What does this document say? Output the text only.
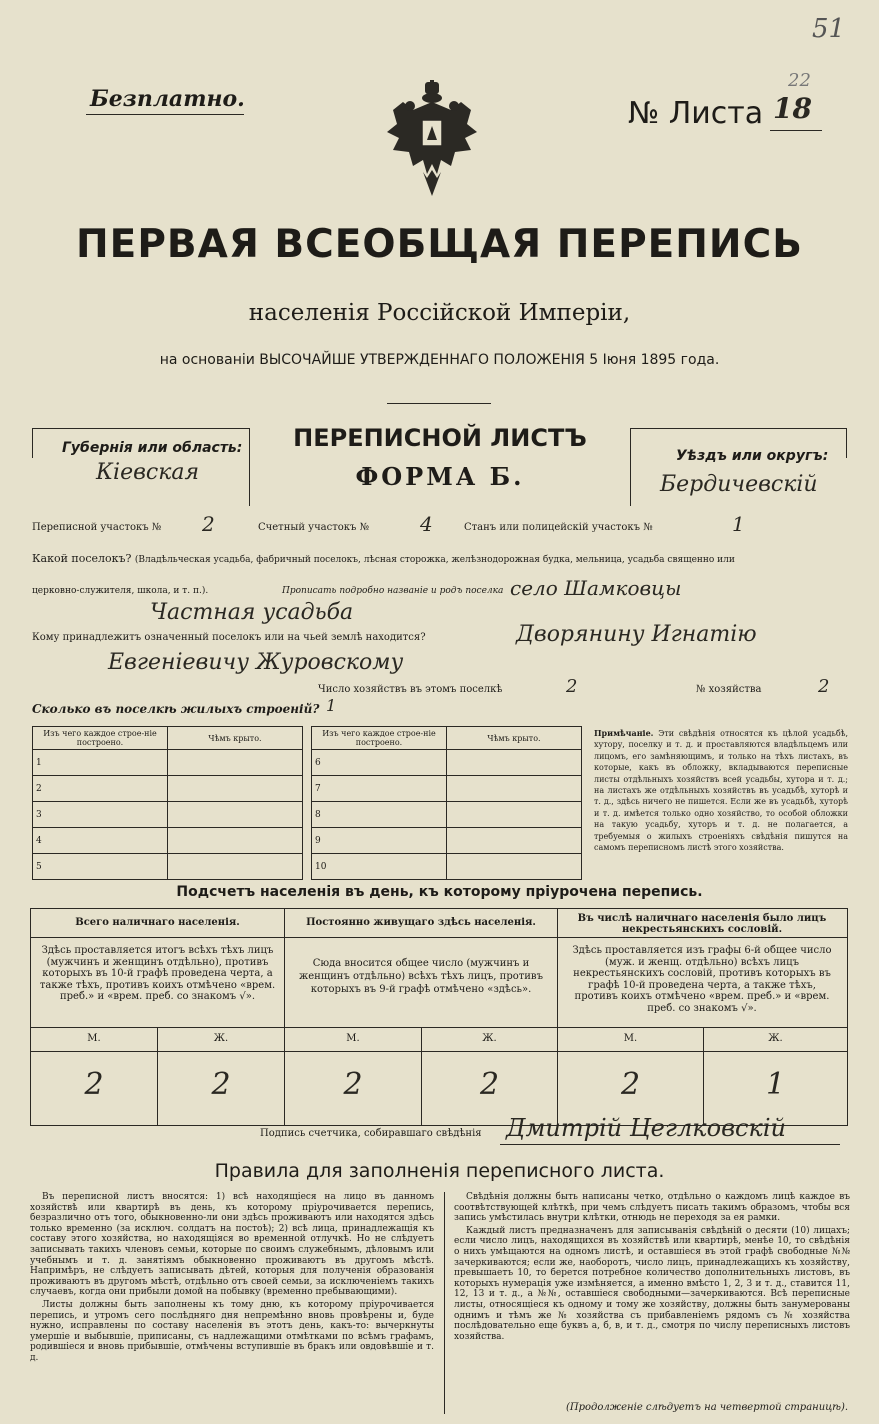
51
Безплатно.	№ Листа 18
22
ПЕРВАЯ ВСЕОБЩАЯ ПЕРЕПИСЬ
населенія Россійской Имперіи,
на основаніи ВЫСОЧАЙШЕ УТВЕРЖДЕННАГО ПОЛОЖЕНІЯ 5 Іюня 1895 года.
Губернія или область:
Кіевская
ПЕРЕПИСНОЙ ЛИСТЪ
ФОРМА Б.
Уѣздъ или округъ:
Бердичевскій
Переписной участокъ № 2	Счетный участокъ №	4	Станъ или полицейскій участокъ №	1
Какой поселокъ? (Владѣльческая усадьба, фабричный поселокъ, лѣсная сторожка, желѣзнодорожная будка, мельница, усадьба священно или
церковно-служителя, школа, и т. п.).	Прописать подробно названіе и родъ поселка село Шамковцы
Частная усадьба
Кому принадлежитъ означенный поселокъ или на чьей землѣ находится?	Дворянину Игнатію
Евгеніевичу Журовскому
Число хозяйствъ въ этомъ поселкѣ	2	№ хозяйства	2
Сколько въ поселкѣ жилыхъ строеній? 1
Изъ чего каждое строе-ніе построено.	Чѣмъ крыто.		Изъ чего каждое строе-ніе построено.	Чѣмъ крыто.
1			6	
2			7	
3			8	
4			9	
5			10	
Примѣчаніе. Эти свѣдѣнія относятся къ цѣлой усадьбѣ, хутору, поселку и т. д. и проставляются владѣльцемъ или лицомъ, его замѣняющимъ, и только на тѣхъ листахъ, въ которые, какъ въ обложку, вкладываются переписные листы отдѣльныхъ хозяйствъ всей усадьбы, хутора и т. д.; на листахъ же отдѣльныхъ хозяйствъ въ усадьбѣ, хуторѣ и т. д., здѣсь ничего не пишется. Если же въ усадьбѣ, хуторѣ и т. д. имѣется только одно хозяйство, то особой обложки на такую усадьбу, хуторъ и т. д. не полагается, а требуемыя о жилыхъ строеніяхъ свѣдѣнія пишутся на самомъ переписномъ листѣ этого хозяйства.
Подсчетъ населенія въ день, къ которому пріурочена перепись.
Всего наличнаго населенія.	Постоянно живущаго здѣсь населенія.	Въ числѣ наличнаго населенія было лицъ некрестьянскихъ сословій.
Здѣсь проставляется итогъ всѣхъ тѣхъ лицъ (мужчинъ и женщинъ отдѣльно), противъ которыхъ въ 10-й графѣ проведена черта, а также тѣхъ, противъ коихъ отмѣчено «врем. преб.» и «врем. преб. со знакомъ √».
Сюда вносится общее число (мужчинъ и женщинъ отдѣльно) всѣхъ тѣхъ лицъ, противъ которыхъ въ 9-й графѣ отмѣчено «здѣсь».
Здѣсь проставляется изъ графы 6-й общее число (муж. и женщ. отдѣльно) всѣхъ лицъ некрестьянскихъ сословій, противъ которыхъ въ графѣ 10-й проведена черта, а также тѣхъ, противъ коихъ отмѣчено «врем. преб.» и «врем. преб. со знакомъ √».
М.	Ж.	М.	Ж.	М.	Ж.
2	2	2	2	2	1
Подпись счетчика, собиравшаго свѣдѣнія Дмитрій Цеглковскій
Правила для заполненія переписного листа.
Въ переписной листъ вносятся: 1) всѣ находящіеся на лицо въ данномъ хозяйствѣ или квартирѣ въ день, къ которому пріурочивается перепись, безразлично отъ того, обыкновенно-ли они здѣсь проживаютъ или находятся здѣсь только временно (за исключ. солдатъ на постоѣ); 2) всѣ лица, принадлежащія къ составу этого хозяйства, но находящіяся во временной отлучкѣ. Но не слѣдуетъ записывать такихъ членовъ семьи, которые по своимъ служебнымъ, дѣловымъ или учебнымъ и т. д. занятіямъ обыкновенно проживаютъ въ другомъ мѣстѣ. Напримѣръ, не слѣдуетъ записывать дѣтей, которыя для полученія образованія проживаютъ въ другомъ мѣстѣ, отдѣльно отъ своей семьи, за исключеніемъ такихъ случаевъ, когда они прибыли домой на побывку (временно пребывающими).
Листы должны быть заполнены къ тому дню, къ которому пріурочивается перепись, и утромъ сего послѣдняго дня непремѣнно вновь провѣрены и, буде нужно, исправлены по составу населенія въ этотъ день, какъ-то: вычеркнуты умершіе и выбывшіе, приписаны, съ надлежащими отмѣтками по всѣмъ графамъ, родившіеся и вновь прибывшіе, отмѣчены вступившіе въ бракъ или овдовѣвшіе и т. д.
Свѣдѣнія должны быть написаны четко, отдѣльно о каждомъ лицѣ каждое въ соотвѣтствующей клѣткѣ, при чемъ слѣдуетъ писать такимъ образомъ, чтобы вся запись умѣстилась внутри клѣтки, отнюдь не переходя за ея рамки.
Каждый листъ предназначенъ для записыванія свѣдѣній о десяти (10) лицахъ; если число лицъ, находящихся въ хозяйствѣ или квартирѣ, менѣе 10, то свѣдѣнія о нихъ умѣщаются на одномъ листѣ, и оставшіеся въ этой графѣ свободные №№ зачеркиваются; если же, наоборотъ, число лицъ, принадлежащихъ къ хозяйству, превышаетъ 10, то берется потребное количество дополнительныхъ листовъ, въ которыхъ нумерація уже измѣняется, а именно вмѣсто 1, 2, 3 и т. д., ставится 11, 12, 13 и т. д., а №№, оставшіеся свободными—зачеркиваются. Всѣ переписные листы, относящіеся къ одному и тому же хозяйству, должны быть занумерованы однимъ и тѣмъ же № хозяйства съ прибавленіемъ рядомъ съ № хозяйства послѣдовательно еще буквъ а, б, в, и т. д., смотря по числу переписныхъ листовъ хозяйства.
(Продолженіе слѣдуетъ на четвертой страницѣ).
